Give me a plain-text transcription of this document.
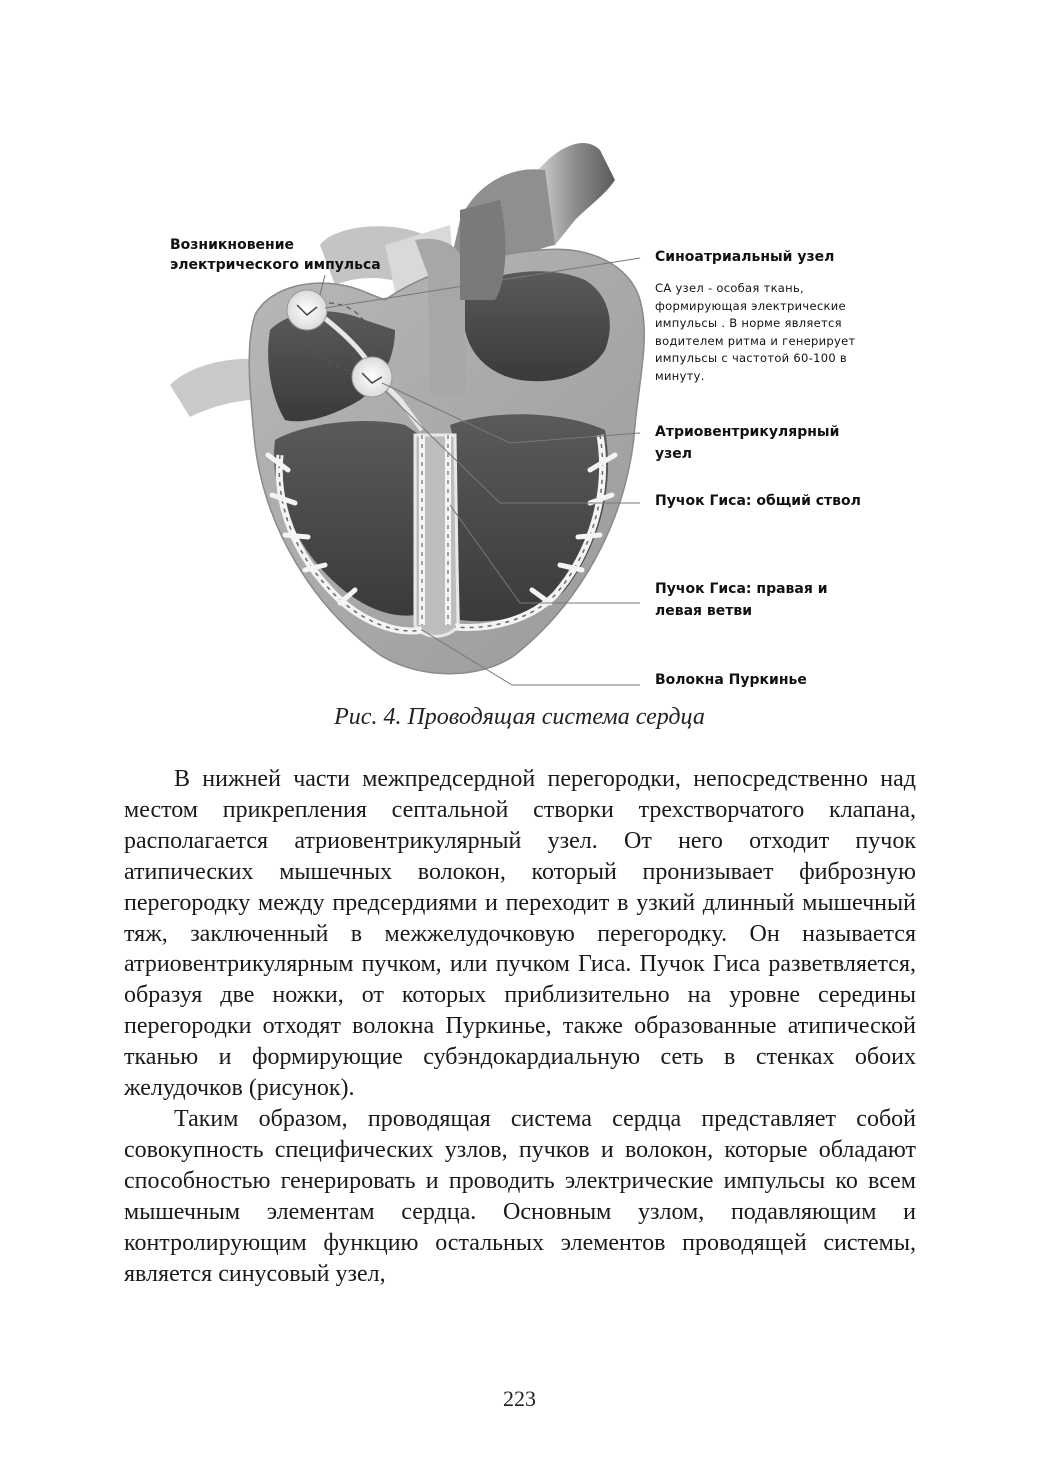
Возникновение
электрического импульса	Синоатриальный узел
СА узел - особая ткань,
формирующая электрические
импульсы . В норме является
водителем ритма и генерирует
импульсы с частотой 60-100 в
минуту.
Атриовентрикулярный
узел
Пучок Гиса: общий ствол
Пучок Гиса: правая и
левая ветви
Волокна Пуркинье
Рис. 4. Проводящая система сердца

В нижней части межпредсердной перегородки, непосредственно над местом прикрепления септальной створки трехстворчатого клапана, располагается атриовентрикулярный узел. От него отходит пучок атипических мышечных волокон, который пронизывает фиброзную перегородку между предсердиями и переходит в узкий длинный мышечный тяж, заключенный в межжелудочковую перегородку. Он называется атриовентрикулярным пучком, или пучком Гиса. Пучок Гиса разветвляется, образуя две ножки, от которых приблизительно на уровне середины перегородки отходят волокна Пуркинье, также образованные атипической тканью и формирующие субэндокардиальную сеть в стенках обоих желудочков (рисунок).

Таким образом, проводящая система сердца представляет собой совокупность специфических узлов, пучков и волокон, которые обладают способностью генерировать и проводить электрические импульсы ко всем мышечным элементам сердца. Основным узлом, подавляющим и контролирующим функцию остальных элементов проводящей системы, является синусовый узел,

223
